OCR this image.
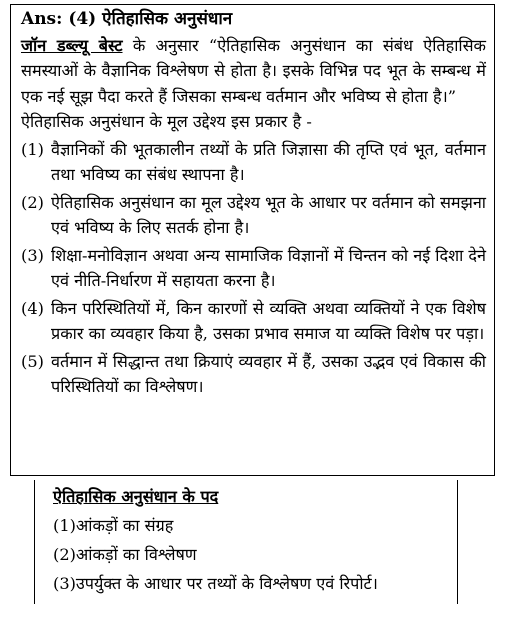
Ans: (4) ऐतिहासिक अनुसंधान
जॉन डब्ल्यू बेस्ट के अनुसार “ऐतिहासिक अनुसंधान का संबंध ऐतिहासिक समस्याओं के वैज्ञानिक विश्लेषण से होता है। इसके विभिन्न पद भूत के सम्बन्ध में एक नई सूझ पैदा करते हैं जिसका सम्बन्ध वर्तमान और भविष्य से होता है।”
ऐतिहासिक अनुसंधान के मूल उद्देश्य इस प्रकार है -
(1) वैज्ञानिकों की भूतकालीन तथ्यों के प्रति जिज्ञासा की तृप्ति एवं भूत, वर्तमान तथा भविष्य का संबंध स्थापना है।
(2) ऐतिहासिक अनुसंधान का मूल उद्देश्य भूत के आधार पर वर्तमान को समझना एवं भविष्य के लिए सतर्क होना है।
(3) शिक्षा-मनोविज्ञान अथवा अन्य सामाजिक विज्ञानों में चिन्तन को नई दिशा देने एवं नीति-निर्धारण में सहायता करना है।
(4) किन परिस्थितियों में, किन कारणों से व्यक्ति अथवा व्यक्तियों ने एक विशेष प्रकार का व्यवहार किया है, उसका प्रभाव समाज या व्यक्ति विशेष पर पड़ा।
(5) वर्तमान में सिद्धान्त तथा क्रियाएं व्यवहार में हैं, उसका उद्भव एवं विकास की परिस्थितियों का विश्लेषण।
ऐतिहासिक अनुसंधान के पद
(1)आंकड़ों का संग्रह
(2)आंकड़ों का विश्लेषण
(3)उपर्युक्त के आधार पर तथ्यों के विश्लेषण एवं रिपोर्ट।
⠀
